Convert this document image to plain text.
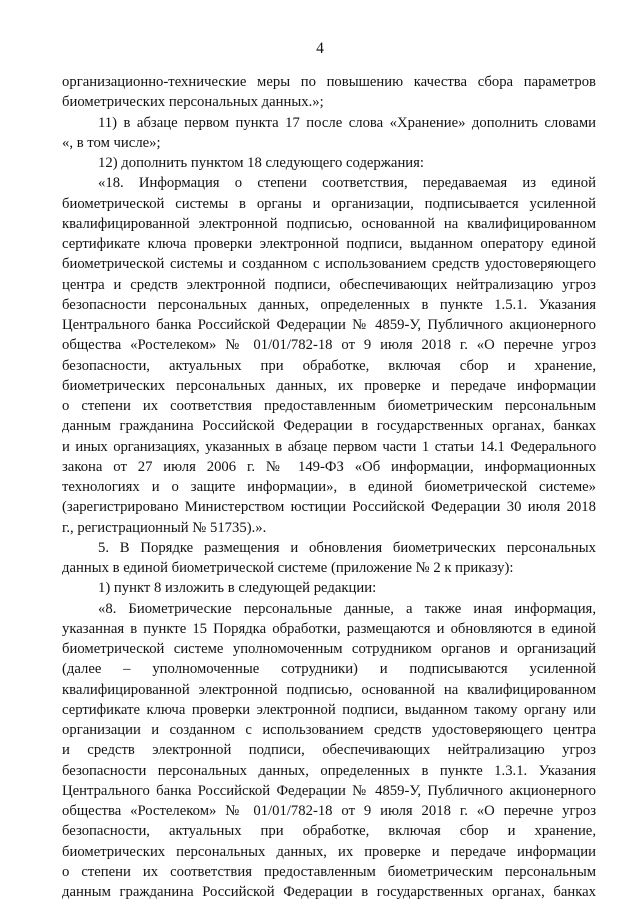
4
организационно-технические меры по повышению качества сбора параметров
биометрических персональных данных.»;
11) в абзаце первом пункта 17 после слова «Хранение» дополнить словами
«, в том числе»;
12) дополнить пунктом 18 следующего содержания:
«18. Информация о степени соответствия, передаваемая из единой
биометрической системы в органы и организации, подписывается усиленной
квалифицированной электронной подписью, основанной на квалифицированном
сертификате ключа проверки электронной подписи, выданном оператору единой
биометрической системы и созданном с использованием средств удостоверяющего
центра и средств электронной подписи, обеспечивающих нейтрализацию угроз
безопасности персональных данных, определенных в пункте 1.5.1. Указания
Центрального банка Российской Федерации № 4859-У, Публичного акционерного
общества «Ростелеком» № 01/01/782-18 от 9 июля 2018 г. «О перечне угроз
безопасности, актуальных при обработке, включая сбор и хранение,
биометрических персональных данных, их проверке и передаче информации
о степени их соответствия предоставленным биометрическим персональным
данным гражданина Российской Федерации в государственных органах, банках
и иных организациях, указанных в абзаце первом части 1 статьи 14.1 Федерального
закона от 27 июля 2006 г. № 149-ФЗ «Об информации, информационных
технологиях и о защите информации», в единой биометрической системе»
(зарегистрировано Министерством юстиции Российской Федерации 30 июля 2018
г., регистрационный № 51735).».
5. В Порядке размещения и обновления биометрических персональных
данных в единой биометрической системе (приложение № 2 к приказу):
1) пункт 8 изложить в следующей редакции:
«8. Биометрические персональные данные, а также иная информация,
указанная в пункте 15 Порядка обработки, размещаются и обновляются в единой
биометрической системе уполномоченным сотрудником органов и организаций
(далее – уполномоченные сотрудники) и подписываются усиленной
квалифицированной электронной подписью, основанной на квалифицированном
сертификате ключа проверки электронной подписи, выданном такому органу или
организации и созданном с использованием средств удостоверяющего центра
и средств электронной подписи, обеспечивающих нейтрализацию угроз
безопасности персональных данных, определенных в пункте 1.3.1. Указания
Центрального банка Российской Федерации № 4859-У, Публичного акционерного
общества «Ростелеком» № 01/01/782-18 от 9 июля 2018 г. «О перечне угроз
безопасности, актуальных при обработке, включая сбор и хранение,
биометрических персональных данных, их проверке и передаче информации
о степени их соответствия предоставленным биометрическим персональным
данным гражданина Российской Федерации в государственных органах, банках
